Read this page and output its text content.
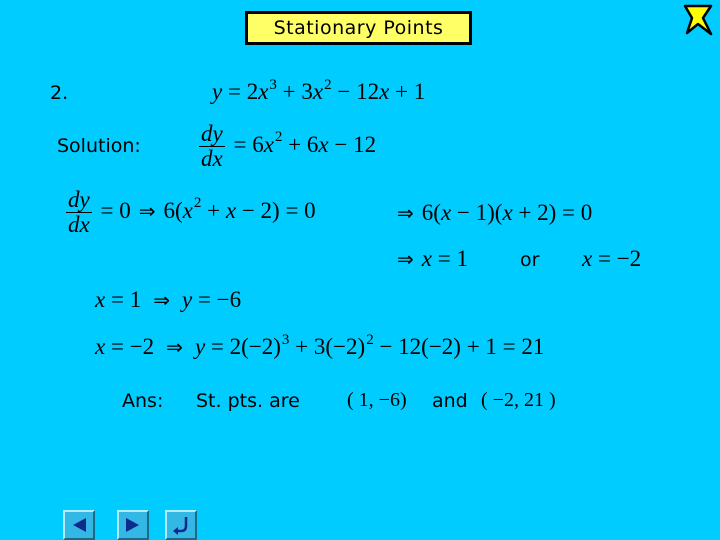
Stationary Points
2.	$y = 2x^3 + 3x^2 - 12x + 1$
Solution:	$\frac{dy}{dx} = 6x^2 + 6x - 12$
$\frac{dy}{dx} = 0$ ⇒ $6(x^2 + x - 2) = 0$	⇒ 6(x − 1)(x + 2) = 0
⇒ x = 1	or x = −2
x = 1 ⇒ y = −6
x = −2 ⇒ $y = 2(-2)^3 + 3(-2)^2 - 12(-2) + 1 = 21$
Ans: St. pts. are ( 1, −6) and ( −2, 21 )
